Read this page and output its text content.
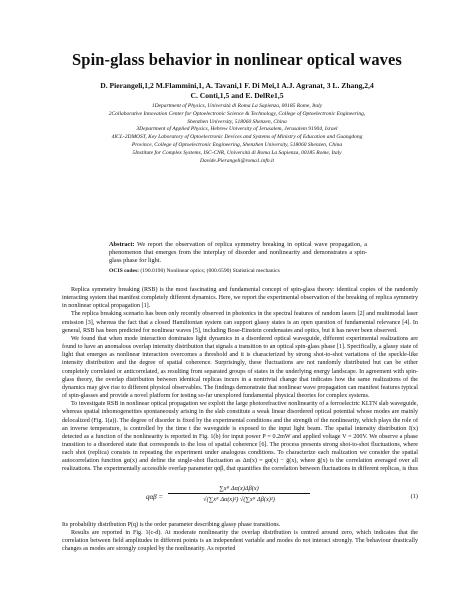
Spin-glass behavior in nonlinear optical waves
D. Pierangeli,1,2 M.Flammini,1, A. Tavani,1 F. Di Mei,1 A.J. Agranat, 3 L. Zhang,2,4 C. Conti,1,5 and E. DelRe1,5
1Department of Physics, Università di Roma La Sapienza, 00185 Rome, Italy
2Collaborative Innovation Center for Optoelectronic Science & Technology, College of Optoelectronic Engineering, Shenzhen University, 518060 Shenzen, China
3Department of Applied Physics, Hebrew University of Jerusalem, Jerusalem 91904, Israel
4ICL-2DMOST, Key Laboratory of Optoelectronic Devices and Systems of Ministry of Education and Guangdong Province, College of Optoelectronic Engineering, Shenzhen University, 518060 Shenzen, China
5Institute for Complex Systems, ISC-CNR, Università di Roma La Sapienza, 00185 Rome, Italy
Davide.Pierangeli@roma1.infn.it
Abstract: We report the observation of replica symmetry breaking in optical wave propagation, a phenomenon that emerges from the interplay of disorder and nonlinearity and demonstrates a spin-glass phase for light.
OCIS codes: (190.0190) Nonlinear optics; (000.6590) Statistical mechanics

Replica symmetry breaking (RSB) is the most fascinating and fundamental concept of spin-glass theory: identical copies of the randomly interacting system that manifest completely different dynamics. Here, we report the experimental observation of the breaking of replica symmetry in nonlinear optical propagation [1].

The replica breaking scenario has been only recently observed in photonics in the spectral features of random lasers [2] and multimodal laser emission [3], whereas the fact that a closed Hamiltonian system can support glassy states is an open question of fundamental relevance [4]. In general, RSB has been predicted for nonlinear waves [5], including Bose-Einstein condensates and optics, but it has never been observed.

We found that when mode interaction dominates light dynamics in a disordered optical waveguide, different experimental realizations are found to have an anomalous overlap intensity distribution that signals a transition to an optical spin-glass phase [1]. Specifically, a glassy state of light that emerges as nonlinear interaction overcomes a threshold and it is characterized by strong shot-to-shot variations of the speckle-like intensity distribution and the degree of spatial coherence. Surprisingly, these fluctuations are not randomly distributed but can be either completely correlated or anticorrelated, as resulting from separated groups of states in the underlying energy landscape. In agreement with spin-glass theory, the overlap distribution between identical replicas incurs in a nontrivial change that indicates how the same realizations of the dynamics may give rise to different physical observables. The findings demonstrate that nonlinear wave propagation can manifest features typical of spin-glasses and provide a novel platform for testing so-far unexplored fundamental physical theories for complex systems.

To investigate RSB in nonlinear optical propagation we exploit the large photorefractive nonlinearity of a ferroelectric KLTN slab waveguide, whereas spatial inhomogeneities spontaneously arising in the slab constitute a weak linear disordered optical potential whose modes are mainly delocalized (Fig. 1(a)). The degree of disorder is fixed by the experimental conditions and the strength of the nonlinearity, which plays the role of an inverse temperature, is controlled by the time t the waveguide is exposed to the input light beam. The spatial intensity distribution I(x) detected as a function of the nonlinearity is reported in Fig. 1(b) for input power P = 0.2mW and applied voltage V = 200V. We observe a phase transition to a disordered state that corresponds to the loss of spatial coherence [6]. The process presents strong shot-to-shot fluctuations, where each shot (replica) consists in repeating the experiment under analogous conditions. To characterize each realization we consider the spatial autocorrelation function gα(x) and define the single-shot fluctuation as Δα(x) = gα(x) − ḡ(x), where ḡ(x) is the correlation averaged over all realizations. The experimentally accessible overlap parameter qαβ, that quantifies the correlation between fluctuations in different replicas, is thus

$q\alpha\beta = \frac{\text{∑xᴿ Δα(x)Δβ(x)}}{\text{√(∑xᴿ Δα(x)²) √(∑xᴿ Δβ(x)²)}}$	(1)

Its probability distribution P(q) is the order parameter describing glassy phase transitions.

Results are reported in Fig. 1(c-d). At moderate nonlinearity the overlap distribution is centred around zero, which indicates that the correlation between field amplitudes in different points is an independent variable and modes do not interact strongly. The behaviour drastically changes as modes are strongly coupled by the nonlinearity. As reported
